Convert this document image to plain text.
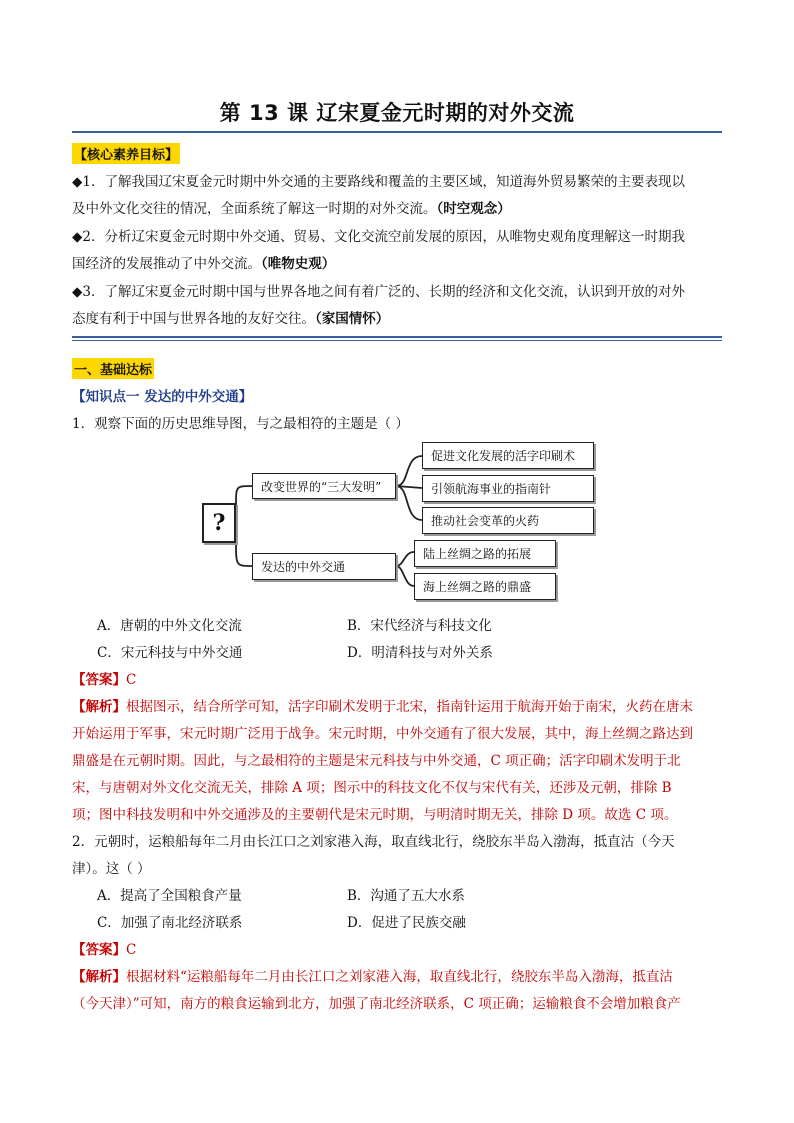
第 13 课 辽宋夏金元时期的对外交流
【核心素养目标】
◆1．了解我国辽宋夏金元时期中外交通的主要路线和覆盖的主要区域，知道海外贸易繁荣的主要表现以
及中外文化交往的情况，全面系统了解这一时期的对外交流。（时空观念）
◆2．分析辽宋夏金元时期中外交通、贸易、文化交流空前发展的原因，从唯物史观角度理解这一时期我
国经济的发展推动了中外交流。（唯物史观）
◆3．了解辽宋夏金元时期中国与世界各地之间有着广泛的、长期的经济和文化交流，认识到开放的对外
态度有利于中国与世界各地的友好交往。（家国情怀）
一、基础达标
【知识点一 发达的中外交通】
1．观察下面的历史思维导图，与之最相符的主题是（ ）
?
改变世界的“三大发明”
促进文化发展的活字印刷术
引领航海事业的指南针
推动社会变革的火药
发达的中外交通
陆上丝绸之路的拓展
海上丝绸之路的鼎盛
A．唐朝的中外文化交流	B．宋代经济与科技文化
C．宋元科技与中外交通	D．明清科技与对外关系
【答案】C
【解析】根据图示，结合所学可知，活字印刷术发明于北宋，指南针运用于航海开始于南宋，火药在唐末
开始运用于军事，宋元时期广泛用于战争。宋元时期，中外交通有了很大发展，其中，海上丝绸之路达到
鼎盛是在元朝时期。因此，与之最相符的主题是宋元科技与中外交通，C 项正确；活字印刷术发明于北
宋，与唐朝对外文化交流无关，排除 A 项；图示中的科技文化不仅与宋代有关，还涉及元朝，排除 B
项；图中科技发明和中外交通涉及的主要朝代是宋元时期，与明清时期无关，排除 D 项。故选 C 项。
2．元朝时，运粮船每年二月由长江口之刘家港入海，取直线北行，绕胶东半岛入渤海，抵直沽（今天
津）。这（ ）
A．提高了全国粮食产量	B．沟通了五大水系
C．加强了南北经济联系	D．促进了民族交融
【答案】C
【解析】根据材料“运粮船每年二月由长江口之刘家港入海，取直线北行，绕胶东半岛入渤海，抵直沽
（今天津）”可知，南方的粮食运输到北方，加强了南北经济联系，C 项正确；运输粮食不会增加粮食产
